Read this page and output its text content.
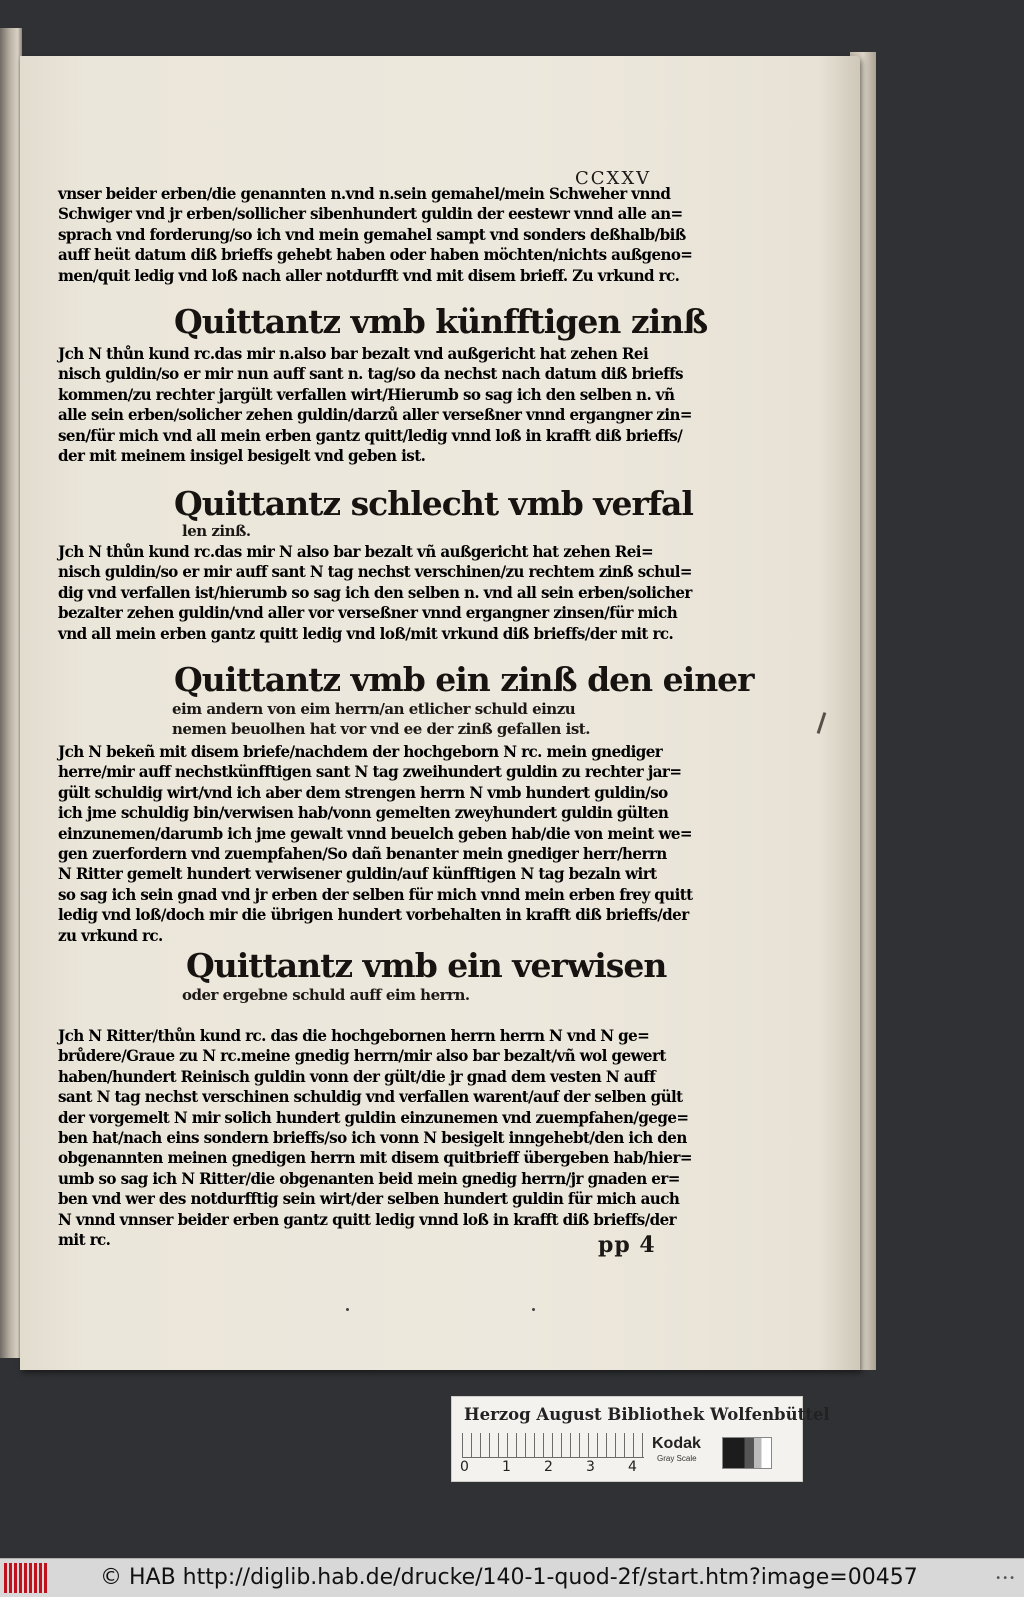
CCXXV
vnser beider erben/die genannten n.vnd n.sein gemahel/mein Schweher vnnd
Schwiger vnd jr erben/sollicher sibenhundert guldin der eestewr vnnd alle an=
sprach vnd forderung/so ich vnd mein gemahel sampt vnd sonders deßhalb/biß
auff heüt datum diß brieffs gehebt haben oder haben möchten/nichts außgeno=
men/quit ledig vnd loß nach aller notdurfft vnd mit disem brieff. Zu vrkund rc.
Quittantz vmb künfftigen zinß
Jch N thůn kund rc.das mir n.also bar bezalt vnd außgericht hat zehen Rei
nisch guldin/so er mir nun auff sant n. tag/so da nechst nach datum diß brieffs
kommen/zu rechter jargült verfallen wirt/Hierumb so sag ich den selben n. vñ
alle sein erben/solicher zehen guldin/darzů aller verseßner vnnd ergangner zin=
sen/für mich vnd all mein erben gantz quitt/ledig vnnd loß in krafft diß brieffs/
der mit meinem insigel besigelt vnd geben ist.
Quittantz schlecht vmb verfal
len zinß.
Jch N thůn kund rc.das mir N also bar bezalt vñ außgericht hat zehen Rei=
nisch guldin/so er mir auff sant N tag nechst verschinen/zu rechtem zinß schul=
dig vnd verfallen ist/hierumb so sag ich den selben n. vnd all sein erben/solicher
bezalter zehen guldin/vnd aller vor verseßner vnnd ergangner zinsen/für mich
vnd all mein erben gantz quitt ledig vnd loß/mit vrkund diß brieffs/der mit rc.
Quittantz vmb ein zinß den einer
eim andern von eim herrn/an etlicher schuld einzu
nemen beuolhen hat vor vnd ee der zinß gefallen ist.
Jch N bekeñ mit disem briefe/nachdem der hochgeborn N rc. mein gnediger
herre/mir auff nechstkünfftigen sant N tag zweihundert guldin zu rechter jar=
gült schuldig wirt/vnd ich aber dem strengen herrn N vmb hundert guldin/so
ich jme schuldig bin/verwisen hab/vonn gemelten zweyhundert guldin gülten
einzunemen/darumb ich jme gewalt vnnd beuelch geben hab/die von meint we=
gen zuerfordern vnd zuempfahen/So dañ benanter mein gnediger herr/herrn
N Ritter gemelt hundert verwisener guldin/auf künfftigen N tag bezaln wirt
so sag ich sein gnad vnd jr erben der selben für mich vnnd mein erben frey quitt
ledig vnd loß/doch mir die übrigen hundert vorbehalten in krafft diß brieffs/der
zu vrkund rc.
Quittantz vmb ein verwisen
oder ergebne schuld auff eim herrn.
Jch N Ritter/thůn kund rc. das die hochgebornen herrn herrn N vnd N ge=
brůdere/Graue zu N rc.meine gnedig herrn/mir also bar bezalt/vñ wol gewert
haben/hundert Reinisch guldin vonn der gült/die jr gnad dem vesten N auff
sant N tag nechst verschinen schuldig vnd verfallen warent/auf der selben gült
der vorgemelt N mir solich hundert guldin einzunemen vnd zuempfahen/gege=
ben hat/nach eins sondern brieffs/so ich vonn N besigelt inngehebt/den ich den
obgenannten meinen gnedigen herrn mit disem quitbrieff übergeben hab/hier=
umb so sag ich N Ritter/die obgenanten beid mein gnedig herrn/jr gnaden er=
ben vnd wer des notdurfftig sein wirt/der selben hundert guldin für mich auch
N vnnd vnnser beider erben gantz quitt ledig vnnd loß in krafft diß brieffs/der
mit rc.	pp 4
Herzog August Bibliothek Wolfenbüttel
0 1 2 3 4
Kodak
Gray Scale
© HAB http://diglib.hab.de/drucke/140-1-quod-2f/start.htm?image=00457	•••
